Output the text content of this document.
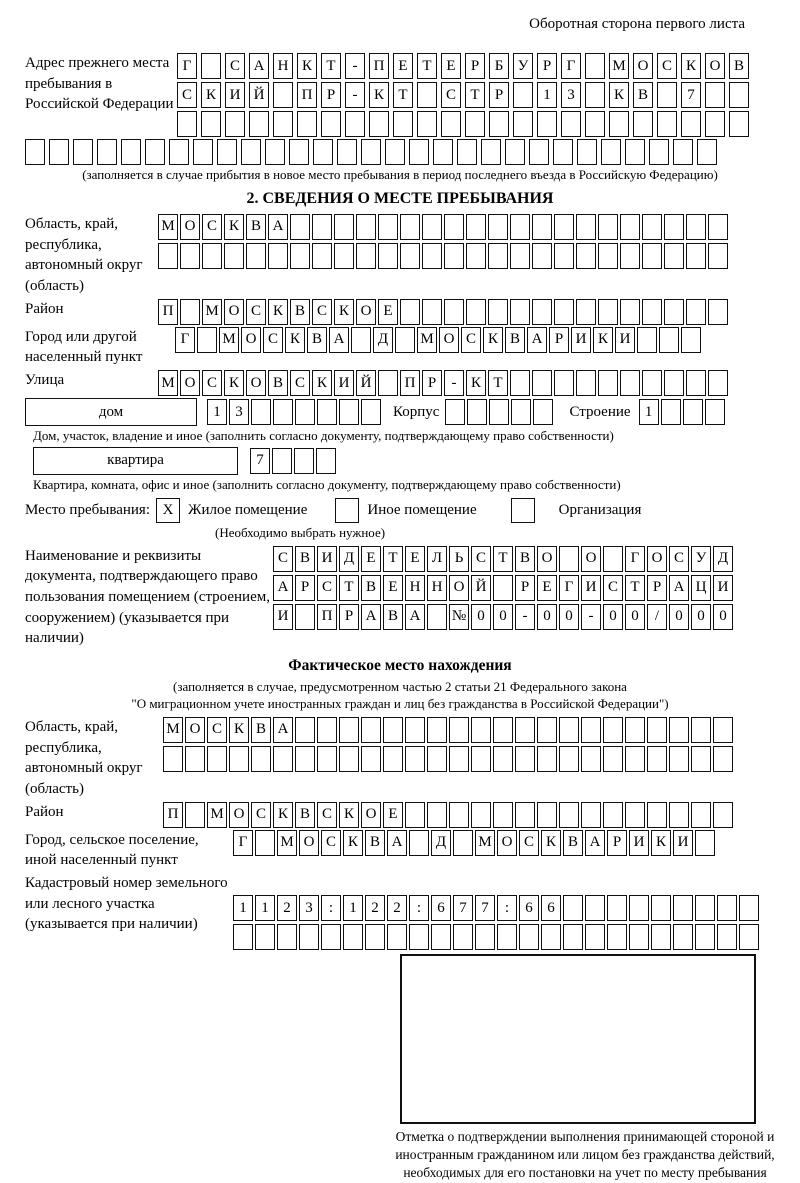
Оборотная сторона первого листа
Адрес прежнего места пребывания в Российской Федерации
Г	С А Н К Т	-	П Е Т Е	Р	Б У Р	Г	М О С К О В
С К И Й	П Р	-	К Т	С Т	Р	1	3	К В	7
(заполняется в случае прибытия в новое место пребывания в период последнего въезда в Российскую Федерацию)
2. СВЕДЕНИЯ О МЕСТЕ ПРЕБЫВАНИЯ
Область, край, республика, автономный округ (область)
М О С К В А
Район	П	М О С К В С К О Е
Город или другой населенный пункт
Г	М О С К В А	Д	М О С К В А Р И К И
Улица	М О С К О В С К И Й	П Р	- К Т
дом	1 3	Корпус	Строение 1
Дом, участок, владение и иное (заполнить согласно документу, подтверждающему право собственности)
квартира	7
Квартира, комната, офис и иное (заполнить согласно документу, подтверждающему право собственности)
Место пребывания: X Жилое помещение	Иное помещение	Организация
(Необходимо выбрать нужное)
Наименование и реквизиты документа, подтверждающего право пользования помещением (строением, сооружением) (указывается при наличии)
С В И Д Е Т Е Л Ь С Т В О	О	Г О С У Д
А Р С Т В Е Н Н О Й	Р Е Г И С Т Р А Ц И
И	П Р А В А	№ 0 0	-	0 0	-	0 0	/	0 0 0
Фактическое место нахождения
(заполняется в случае, предусмотренном частью 2 статьи 21 Федерального закона
"О миграционном учете иностранных граждан и лиц без гражданства в Российской Федерации")
Область, край, республика, автономный округ (область)
М О С К В А
Район	П	М О С К В С К О Е
Город, сельское поселение, иной населенный пункт
Г	М О С К В А	Д	М О С К В А Р И К И
Кадастровый номер земельного или лесного участка (указывается при наличии)
1 1 2 3	:	1 2 2	:	6 7 7	:	6 6
Отметка о подтверждении выполнения принимающей стороной и иностранным гражданином или лицом без гражданства действий, необходимых для его постановки на учет по месту пребывания
